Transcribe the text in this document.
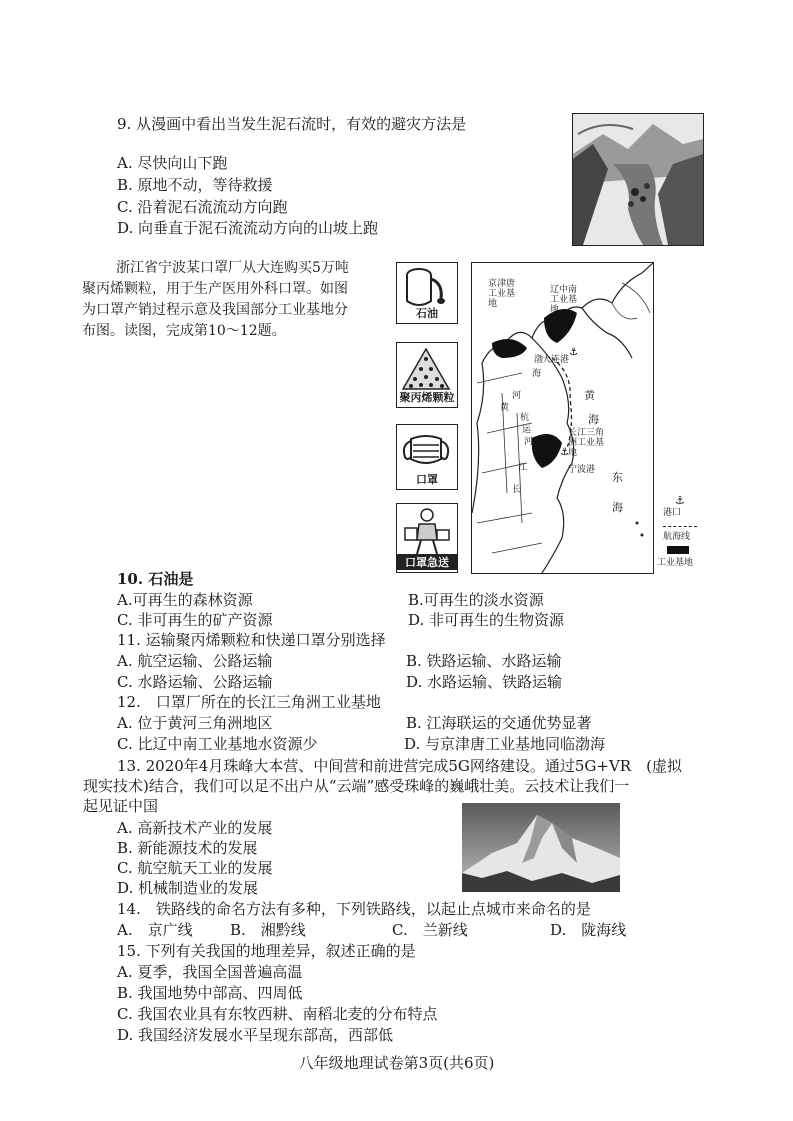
9. 从漫画中看出当发生泥石流时，有效的避灾方法是
A. 尽快向山下跑
B. 原地不动，等待救援
C. 沿着泥石流流动方向跑
D. 向垂直于泥石流流动方向的山坡上跑
浙江省宁波某口罩厂从大连购买5万吨聚丙烯颗粒，用于生产医用外科口罩。如图为口罩产销过程示意及我国部分工业基地分布图。读图，完成第10～12题。
石油
聚丙烯颗粒
口罩
口罩急送
⚓
⚓
京津唐工业基地
辽中南工业基地
渤
海
大连港
河
黄
黄
海
杭
运	长江三角洲工业基地
宁波港
东
海
江
长
河
⚓
港口
航海线
工业基地
10. 石油是
A.可再生的森林资源	B.可再生的淡水资源
C. 非可再生的矿产资源	D. 非可再生的生物资源
11. 运输聚丙烯颗粒和快递口罩分别选择
A. 航空运输、公路运输	B. 铁路运输、水路运输
C. 水路运输、公路运输	D. 水路运输、铁路运输
12.　口罩厂所在的长江三角洲工业基地
A. 位于黄河三角洲地区	B. 江海联运的交通优势显著
C. 比辽中南工业基地水资源少	D. 与京津唐工业基地同临渤海
13. 2020年4月珠峰大本营、中间营和前进营完成5G网络建设。通过5G+VR　(虚拟
现实技术)结合，我们可以足不出户从“云端”感受珠峰的巍峨壮美。云技术让我们一
起见证中国
A. 高新技术产业的发展
B. 新能源技术的发展
C. 航空航天工业的发展
D. 机械制造业的发展
14.　铁路线的命名方法有多种，下列铁路线，以起止点城市来命名的是
A.　京广线 B.　湘黔线	C.　兰新线	D.　陇海线
15. 下列有关我国的地理差异，叙述正确的是
A. 夏季，我国全国普遍高温
B. 我国地势中部高、四周低
C. 我国农业具有东牧西耕、南稻北麦的分布特点
D. 我国经济发展水平呈现东部高，西部低
八年级地理试卷第3页(共6页)
